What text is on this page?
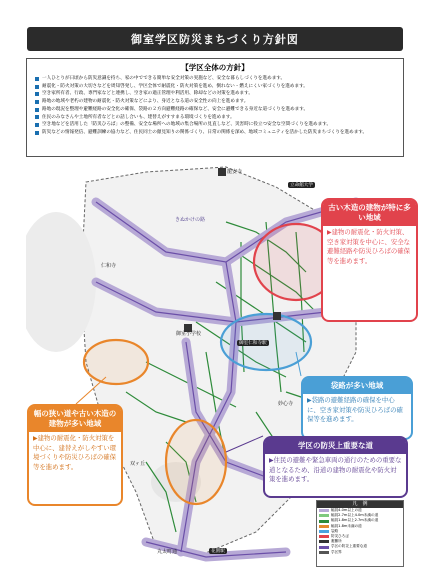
御室学区防災まちづくり方針図
【学区全体の方針】
一人ひとりが日頃から防災意識を持ち、家の中でできる簡単な安全対策の実施など、安全な暮らしづくりを進めます。
耐震化・防火対策の大切さなどを周知啓発し、学区全体で耐震化・防火対策を進め、倒れない・燃えにくい家づくりを進めます。
空き家所有者、行政、専門家などと連携し、空き家の適正管理や利活用、除却などの対策を進めます。
路地の地域や老朽の建物の耐震化・防火対策などにより、身近となる道の安全性の向上を進めます。
路地の現況を整理や避難経路の安全化の確保、袋路の２方向避難経路の確保など、安全に避難できる身近な道づくりを進めます。
住民のみなさんや土地所有者などとの話し合いも、建替えがすすまる環境づくりを進めます。
空き地などを活用した「防災ひろば」の整備、安全な場所への地域の集合場所の見直しなど、災害時に役立つ安全な空間づくりを進めます。
防災などの情報発信、避難訓練の協力など、住民同士の顔見知りの関係づくり、日常の関係を深め、地域コミュニティを活かした防災まちづくりを進めます。
龍安寺
立命館大学
きぬかけの路
仁和寺
御室小学校
御室仁和寺駅
妙心寺
双ヶ丘
花園駅
丸太町通
古い木造の建物が特に多い地域
▶建物の耐震化・防火対策、空き家対策を中心に、安全な避難経路や防災ひろばの確保等を進めます。
袋路が多い地域
▶袋路の避難経路の確保を中心に、空き家対策や防災ひろばの確保等を進めます。
幅の狭い道や古い木造の建物が多い地域
▶建物の耐震化・防火対策を中心に、建替えがしやすい環境づくりや防災ひろばの確保等を進めます。
学区の防災上重要な道
▶住民の避難や緊急車両の通行のための重要な道となるため、沿道の建物の耐震化や防火対策を進めます。
凡　例
幅員4.0m以上の道
幅員2.7m以上4.0m未満の道
幅員1.8m以上2.7m未満の道
幅員1.8m未満の道
袋路
防災ひろば
避難所
学区の防災上重要な道
学区界
